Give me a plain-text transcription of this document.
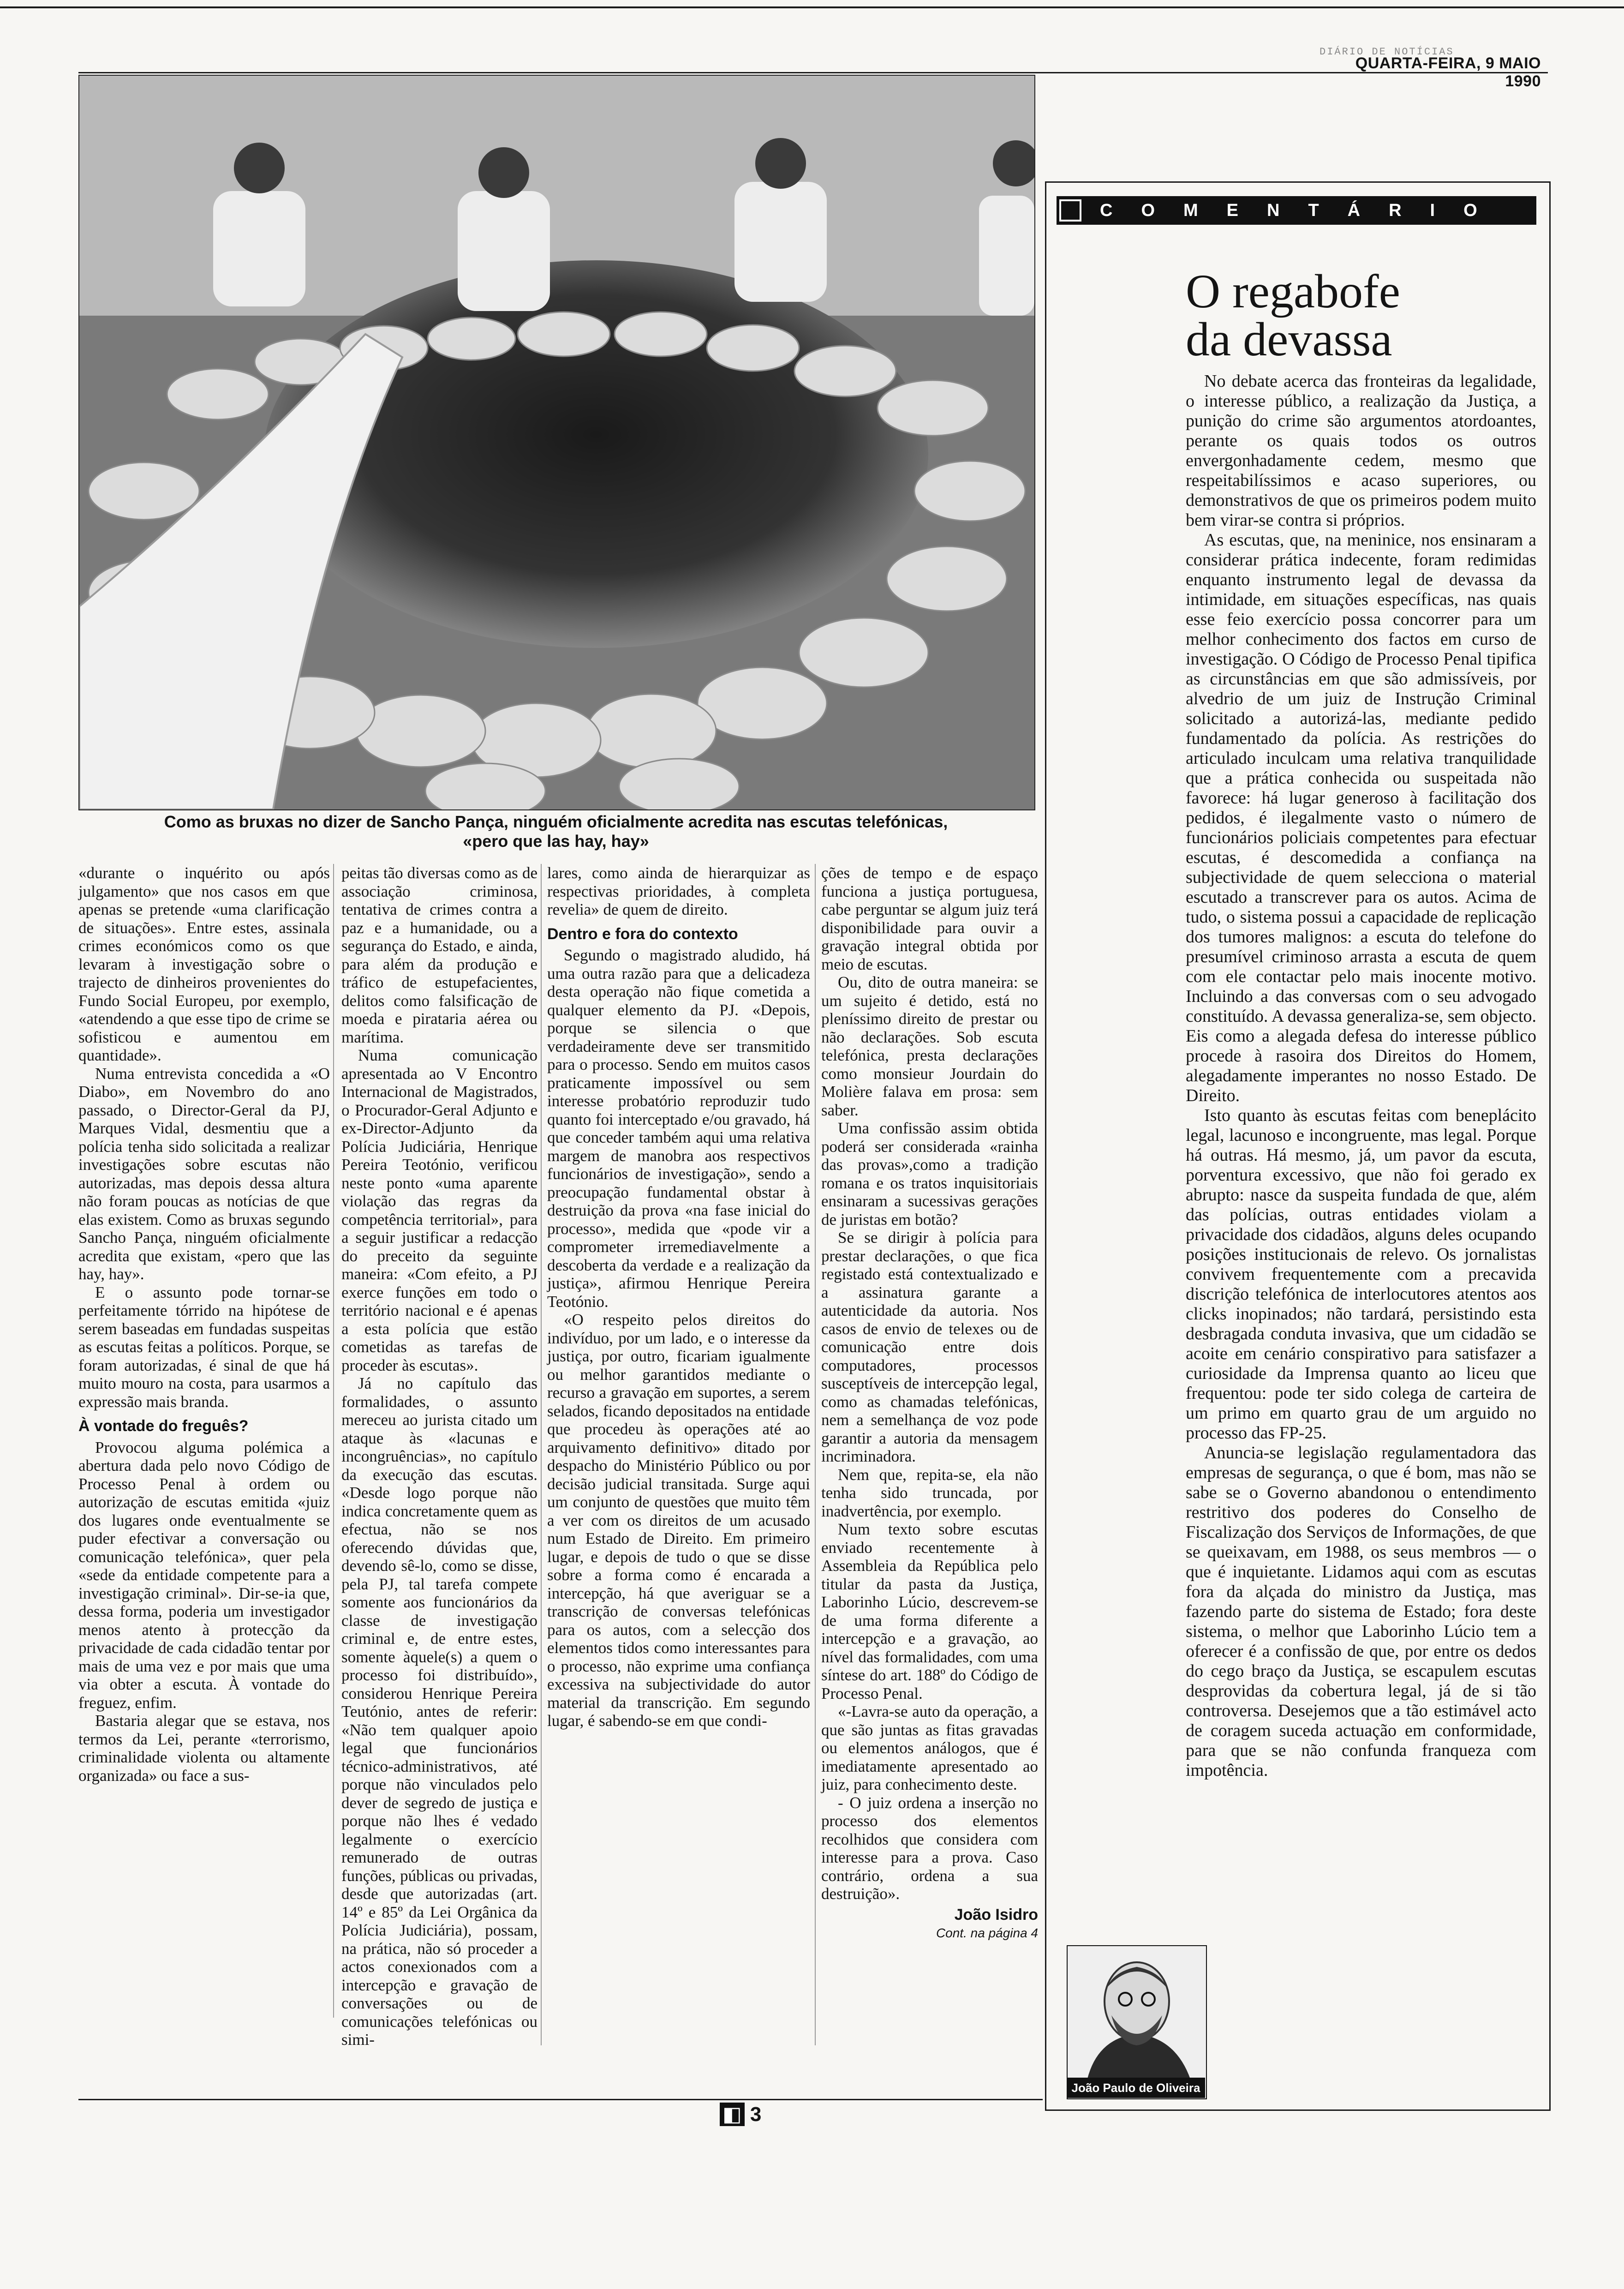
DIÁRIO DE NOTÍCIAS
QUARTA-FEIRA, 9 MAIO 1990
Como as bruxas no dizer de Sancho Pança, ninguém oficialmente acredita nas escutas telefónicas,
«pero que las hay, hay»

«durante o inquérito ou após julgamento» que nos casos em que apenas se pretende «uma clarificação de situações». Entre estes, assinala crimes económicos como os que levaram à investigação sobre o trajecto de dinheiros provenientes do Fundo Social Europeu, por exemplo, «atendendo a que esse tipo de crime se sofisticou e aumentou em quantidade».

Numa entrevista concedida a «O Diabo», em Novembro do ano passado, o Director-Geral da PJ, Marques Vidal, desmentiu que a polícia tenha sido solicitada a realizar investigações sobre escutas não autorizadas, mas depois dessa altura não foram poucas as notícias de que elas existem. Como as bruxas segundo Sancho Pança, ninguém oficialmente acredita que existam, «pero que las hay, hay».

E o assunto pode tornar-se perfeitamente tórrido na hipótese de serem baseadas em fundadas suspeitas as escutas feitas a políticos. Porque, se foram autorizadas, é sinal de que há muito mouro na costa, para usarmos a expressão mais branda.

À vontade do freguês?

Provocou alguma polémica a abertura dada pelo novo Código de Processo Penal à ordem ou autorização de escutas emitida «juiz dos lugares onde eventualmente se puder efectivar a conversação ou comunicação telefónica», quer pela «sede da entidade competente para a investigação criminal». Dir-se-ia que, dessa forma, poderia um investigador menos atento à protecção da privacidade de cada cidadão tentar por mais de uma vez e por mais que uma via obter a escuta. À vontade do freguez, enfim.

Bastaria alegar que se estava, nos termos da Lei, perante «terrorismo, criminalidade violenta ou altamente organizada» ou face a sus-

peitas tão diversas como as de associação criminosa, tentativa de crimes contra a paz e a humanidade, ou a segurança do Estado, e ainda, para além da produção e tráfico de estupefacientes, delitos como falsificação de moeda e pirataria aérea ou marítima.

Numa comunicação apresentada ao V Encontro Internacional de Magistrados, o Procurador-Geral Adjunto e ex-Director-Adjunto da Polícia Judiciária, Henrique Pereira Teotónio, verificou neste ponto «uma aparente violação das regras da competência territorial», para a seguir justificar a redacção do preceito da seguinte maneira: «Com efeito, a PJ exerce funções em todo o território nacional e é apenas a esta polícia que estão cometidas as tarefas de proceder às escutas».

Já no capítulo das formalidades, o assunto mereceu ao jurista citado um ataque às «lacunas e incongruências», no capítulo da execução das escutas. «Desde logo porque não indica concretamente quem as efectua, não se nos oferecendo dúvidas que, devendo sê-lo, como se disse, pela PJ, tal tarefa compete somente aos funcionários da classe de investigação criminal e, de entre estes, somente àquele(s) a quem o processo foi distribuído», considerou Henrique Pereira Teutónio, antes de referir: «Não tem qualquer apoio legal que funcionários técnico-administrativos, até porque não vinculados pelo dever de segredo de justiça e porque não lhes é vedado legalmente o exercício remunerado de outras funções, públicas ou privadas, desde que autorizadas (art. 14º e 85º da Lei Orgânica da Polícia Judiciária), possam, na prática, não só proceder a actos conexionados com a intercepção e gravação de conversações ou de comunicações telefónicas ou simi-

lares, como ainda de hierarquizar as respectivas prioridades, à completa revelia» de quem de direito.

Dentro e fora do contexto

Segundo o magistrado aludido, há uma outra razão para que a delicadeza desta operação não fique cometida a qualquer elemento da PJ. «Depois, porque se silencia o que verdadeiramente deve ser transmitido para o processo. Sendo em muitos casos praticamente impossível ou sem interesse probatório reproduzir tudo quanto foi interceptado e/ou gravado, há que conceder também aqui uma relativa margem de manobra aos respectivos funcionários de investigação», sendo a preocupação fundamental obstar à destruição da prova «na fase inicial do processo», medida que «pode vir a comprometer irremediavelmente a descoberta da verdade e a realização da justiça», afirmou Henrique Pereira Teotónio.

«O respeito pelos direitos do indivíduo, por um lado, e o interesse da justiça, por outro, ficariam igualmente ou melhor garantidos mediante o recurso a gravação em suportes, a serem selados, ficando depositados na entidade que procedeu às operações até ao arquivamento definitivo» ditado por despacho do Ministério Público ou por decisão judicial transitada. Surge aqui um conjunto de questões que muito têm a ver com os direitos de um acusado num Estado de Direito. Em primeiro lugar, e depois de tudo o que se disse sobre a forma como é encarada a intercepção, há que averiguar se a transcrição de conversas telefónicas para os autos, com a selecção dos elementos tidos como interessantes para o processo, não exprime uma confiança excessiva na subjectividade do autor material da transcrição. Em segundo lugar, é sabendo-se em que condi-

ções de tempo e de espaço funciona a justiça portuguesa, cabe perguntar se algum juiz terá disponibilidade para ouvir a gravação integral obtida por meio de escutas.

Ou, dito de outra maneira: se um sujeito é detido, está no pleníssimo direito de prestar ou não declarações. Sob escuta telefónica, presta declarações como monsieur Jourdain do Molière falava em prosa: sem saber.

Uma confissão assim obtida poderá ser considerada «rainha das provas»,como a tradição romana e os tratos inquisitoriais ensinaram a sucessivas gerações de juristas em botão?

Se se dirigir à polícia para prestar declarações, o que fica registado está contextualizado e a assinatura garante a autenticidade da autoria. Nos casos de envio de telexes ou de comunicação entre dois computadores, processos susceptíveis de intercepção legal, como as chamadas telefónicas, nem a semelhança de voz pode garantir a autoria da mensagem incriminadora.

Nem que, repita-se, ela não tenha sido truncada, por inadvertência, por exemplo.

Num texto sobre escutas enviado recentemente à Assembleia da República pelo titular da pasta da Justiça, Laborinho Lúcio, descrevem-se de uma forma diferente a intercepção e a gravação, ao nível das formalidades, com uma síntese do art. 188º do Código de Processo Penal.

«-Lavra-se auto da operação, a que são juntas as fitas gravadas ou elementos análogos, que é imediatamente apresentado ao juiz, para conhecimento deste.

- O juiz ordena a inserção no processo dos elementos recolhidos que considera com interesse para a prova. Caso contrário, ordena a sua destruição».

João Isidro
Cont. na página 4
COMENTÁRIO
O regabofe
da devassa

No debate acerca das fronteiras da legalidade, o interesse público, a realização da Justiça, a punição do crime são argumentos atordoantes, perante os quais todos os outros envergonhadamente cedem, mesmo que respeitabilíssimos e acaso superiores, ou demonstrativos de que os primeiros podem muito bem virar-se contra si próprios.

As escutas, que, na meninice, nos ensinaram a considerar prática indecente, foram redimidas enquanto instrumento legal de devassa da intimidade, em situações específicas, nas quais esse feio exercício possa concorrer para um melhor conhecimento dos factos em curso de investigação. O Código de Processo Penal tipifica as circunstâncias em que são admissíveis, por alvedrio de um juiz de Instrução Criminal solicitado a autorizá-las, mediante pedido fundamentado da polícia. As restrições do articulado inculcam uma relativa tranquilidade que a prática conhecida ou suspeitada não favorece: há lugar generoso à facilitação dos pedidos, é ilegalmente vasto o número de funcionários policiais competentes para efectuar escutas, é descomedida a confiança na subjectividade de quem selecciona o material escutado a transcrever para os autos. Acima de tudo, o sistema possui a capacidade de replicação dos tumores malignos: a escuta do telefone do presumível criminoso arrasta a escuta de quem com ele contactar pelo mais inocente motivo. Incluindo a das conversas com o seu advogado constituído. A devassa generaliza-se, sem objecto. Eis como a alegada defesa do interesse público procede à rasoira dos Direitos do Homem, alegadamente imperantes no nosso Estado. De Direito.

Isto quanto às escutas feitas com beneplácito legal, lacunoso e incongruente, mas legal. Porque há outras. Há mesmo, já, um pavor da escuta, porventura excessivo, que não foi gerado ex abrupto: nasce da suspeita fundada de que, além das polícias, outras entidades violam a privacidade dos cidadãos, alguns deles ocupando posições institucionais de relevo. Os jornalistas convivem frequentemente com a precavida discrição telefónica de interlocutores atentos aos clicks inopinados; não tardará, persistindo esta desbragada conduta invasiva, que um cidadão se acoite em cenário conspirativo para satisfazer a curiosidade da Imprensa quanto ao liceu que frequentou: pode ter sido colega de carteira de um primo em quarto grau de um arguido no processo das FP-25.

Anuncia-se legislação regulamentadora das empresas de segurança, o que é bom, mas não se sabe se o Governo abandonou o entendimento restritivo dos poderes do Conselho de Fiscalização dos Serviços de Informações, de que se queixavam, em 1988, os seus membros — o que é inquietante. Lidamos aqui com as escutas fora da alçada do ministro da Justiça, mas fazendo parte do sistema de Estado; fora deste sistema, o melhor que Laborinho Lúcio tem a oferecer é a confissão de que, por entre os dedos do cego braço da Justiça, se escapulem escutas desprovidas da cobertura legal, já de si tão controversa. Desejemos que a tão estimável acto de coragem suceda actuação em conformidade, para que se não confunda franqueza com impotência.

João Paulo de Oliveira
◧ 3
